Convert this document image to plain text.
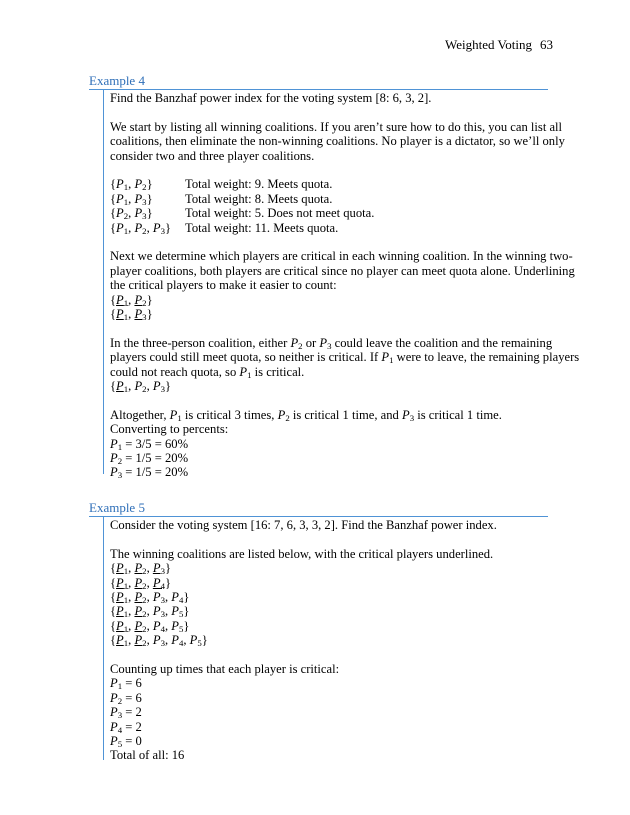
Weighted Voting 63
Example 4

Find the Banzhaf power index for the voting system [8: 6, 3, 2].

We start by listing all winning coalitions. If you aren’t sure how to do this, you can list all coalitions, then eliminate the non-winning coalitions. No player is a dictator, so we’ll only consider two and three player coalitions.

{$P_1$, $P_2$}	Total weight: 9. Meets quota.
{$P_1$, $P_3$}	Total weight: 8. Meets quota.
{$P_2$, $P_3$}	Total weight: 5. Does not meet quota.
{$P_1$, $P_2$, $P_3$}	Total weight: 11. Meets quota.

Next we determine which players are critical in each winning coalition. In the winning two-player coalitions, both players are critical since no player can meet quota alone. Underlining the critical players to make it easier to count:

{$P_1$, $P_2$}
{$P_1$, $P_3$}

In the three-person coalition, either $P_2$ or $P_3$ could leave the coalition and the remaining players could still meet quota, so neither is critical. If $P_1$ were to leave, the remaining players could not reach quota, so $P_1$ is critical.

{$P_1$, $P_2$, $P_3$}

Altogether, $P_1$ is critical 3 times, $P_2$ is critical 1 time, and $P_3$ is critical 1 time.

Converting to percents:

$P_1 = 3/5 = 60\%$
$P_2 = 1/5 = 20\%$
$P_3 = 1/5 = 20\%$
Example 5

Consider the voting system [16: 7, 6, 3, 3, 2]. Find the Banzhaf power index.

The winning coalitions are listed below, with the critical players underlined.

{$P_1$, $P_2$, $P_3$}
{$P_1$, $P_2$, $P_4$}
{$P_1$, $P_2$, $P_3$, $P_4$}
{$P_1$, $P_2$, $P_3$, $P_5$}
{$P_1$, $P_2$, $P_4$, $P_5$}
{$P_1$, $P_2$, $P_3$, $P_4$, $P_5$}

Counting up times that each player is critical:

$P_1 = 6$
$P_2 = 6$
$P_3 = 2$
$P_4 = 2$
$P_5 = 0$

Total of all: 16
